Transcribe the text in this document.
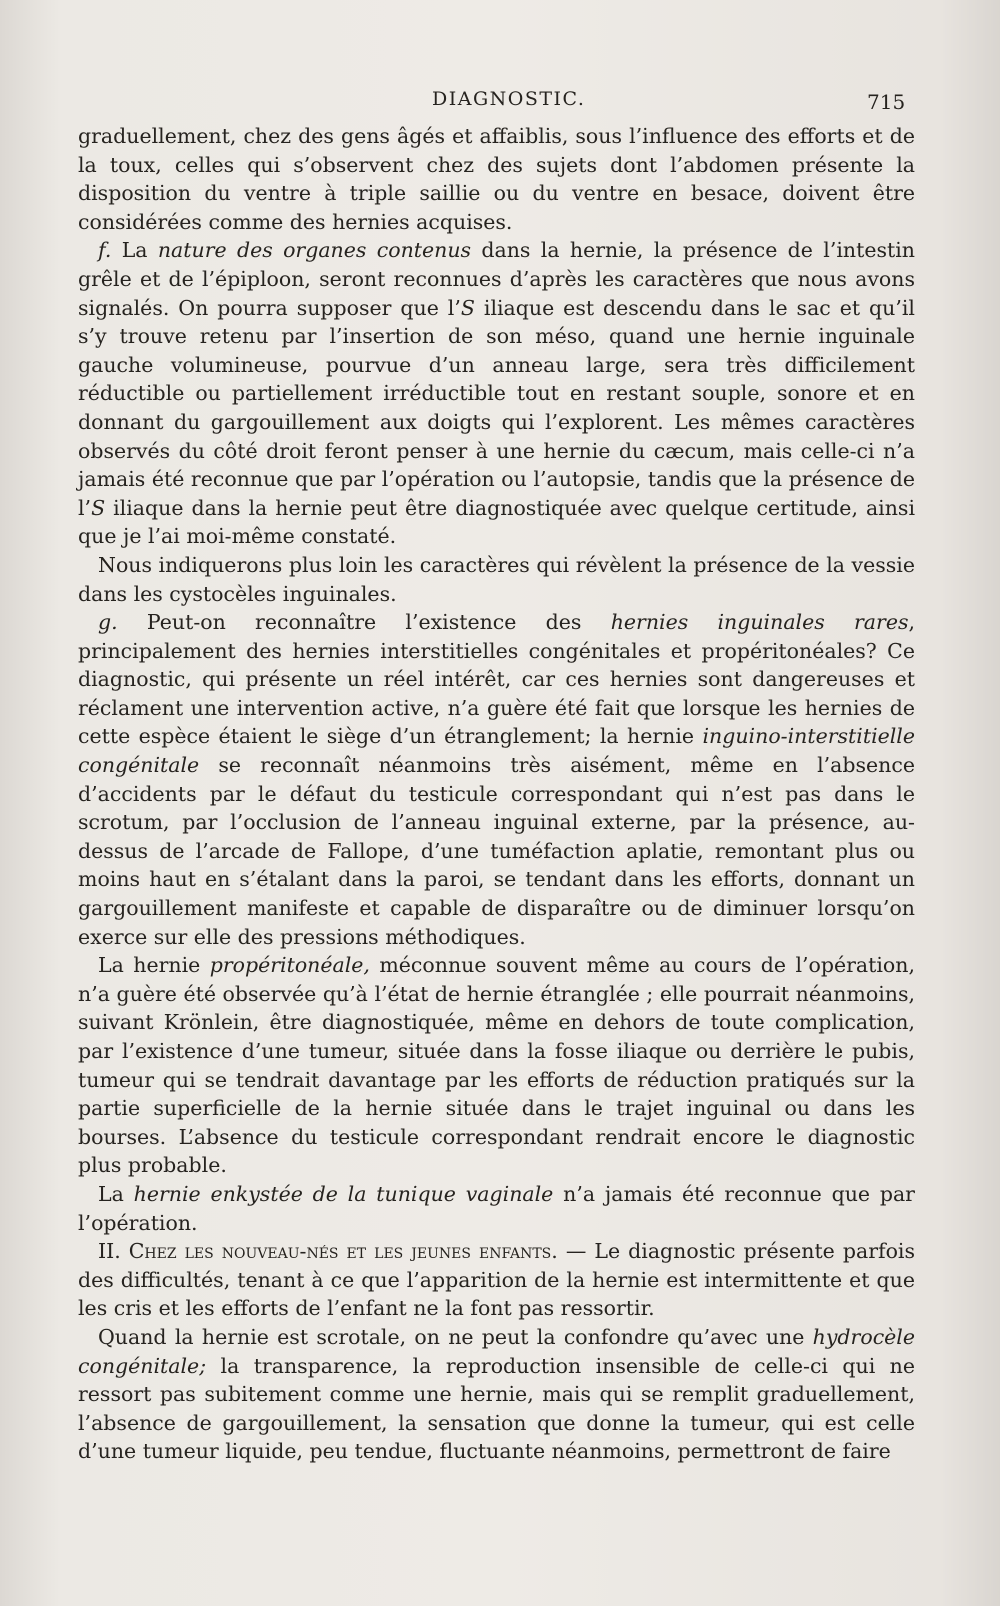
DIAGNOSTIC.	715

graduellement, chez des gens âgés et affaiblis, sous l’influence des efforts et de la toux, celles qui s’observent chez des sujets dont l’abdomen présente la disposition du ventre à triple saillie ou du ventre en besace, doivent être considérées comme des hernies acquises.

f. La nature des organes contenus dans la hernie, la présence de l’intestin grêle et de l’épiploon, seront reconnues d’après les caractères que nous avons signalés. On pourra supposer que l’S iliaque est descendu dans le sac et qu’il s’y trouve retenu par l’insertion de son méso, quand une hernie inguinale gauche volumineuse, pourvue d’un anneau large, sera très difficilement réductible ou partiellement irréductible tout en restant souple, sonore et en donnant du gargouillement aux doigts qui l’explorent. Les mêmes caractères observés du côté droit feront penser à une hernie du cæcum, mais celle-ci n’a jamais été reconnue que par l’opération ou l’autopsie, tandis que la présence de l’S iliaque dans la hernie peut être diagnostiquée avec quelque certitude, ainsi que je l’ai moi-même constaté.

Nous indiquerons plus loin les caractères qui révèlent la présence de la vessie dans les cystocèles inguinales.

g. Peut-on reconnaître l’existence des hernies inguinales rares, principalement des hernies interstitielles congénitales et propéritonéales? Ce diagnostic, qui présente un réel intérêt, car ces hernies sont dangereuses et réclament une intervention active, n’a guère été fait que lorsque les hernies de cette espèce étaient le siège d’un étranglement; la hernie inguino-interstitielle congénitale se reconnaît néanmoins très aisément, même en l’absence d’accidents par le défaut du testicule correspondant qui n’est pas dans le scrotum, par l’occlusion de l’anneau inguinal externe, par la présence, au-dessus de l’arcade de Fallope, d’une tuméfaction aplatie, remontant plus ou moins haut en s’étalant dans la paroi, se tendant dans les efforts, donnant un gargouillement manifeste et capable de disparaître ou de diminuer lorsqu’on exerce sur elle des pressions méthodiques.

La hernie propéritonéale, méconnue souvent même au cours de l’opération, n’a guère été observée qu’à l’état de hernie étranglée ; elle pourrait néanmoins, suivant Krönlein, être diagnostiquée, même en dehors de toute complication, par l’existence d’une tumeur, située dans la fosse iliaque ou derrière le pubis, tumeur qui se tendrait davantage par les efforts de réduction pratiqués sur la partie superficielle de la hernie située dans le trajet inguinal ou dans les bourses. L’absence du testicule correspondant rendrait encore le diagnostic plus probable.

La hernie enkystée de la tunique vaginale n’a jamais été reconnue que par l’opération.

II. Chez les nouveau-nés et les jeunes enfants. — Le diagnostic présente parfois des difficultés, tenant à ce que l’apparition de la hernie est intermittente et que les cris et les efforts de l’enfant ne la font pas ressortir.

Quand la hernie est scrotale, on ne peut la confondre qu’avec une hydrocèle congénitale; la transparence, la reproduction insensible de celle-ci qui ne ressort pas subitement comme une hernie, mais qui se remplit graduellement, l’absence de gargouillement, la sensation que donne la tumeur, qui est celle d’une tumeur liquide, peu tendue, fluctuante néanmoins, permettront de faire
